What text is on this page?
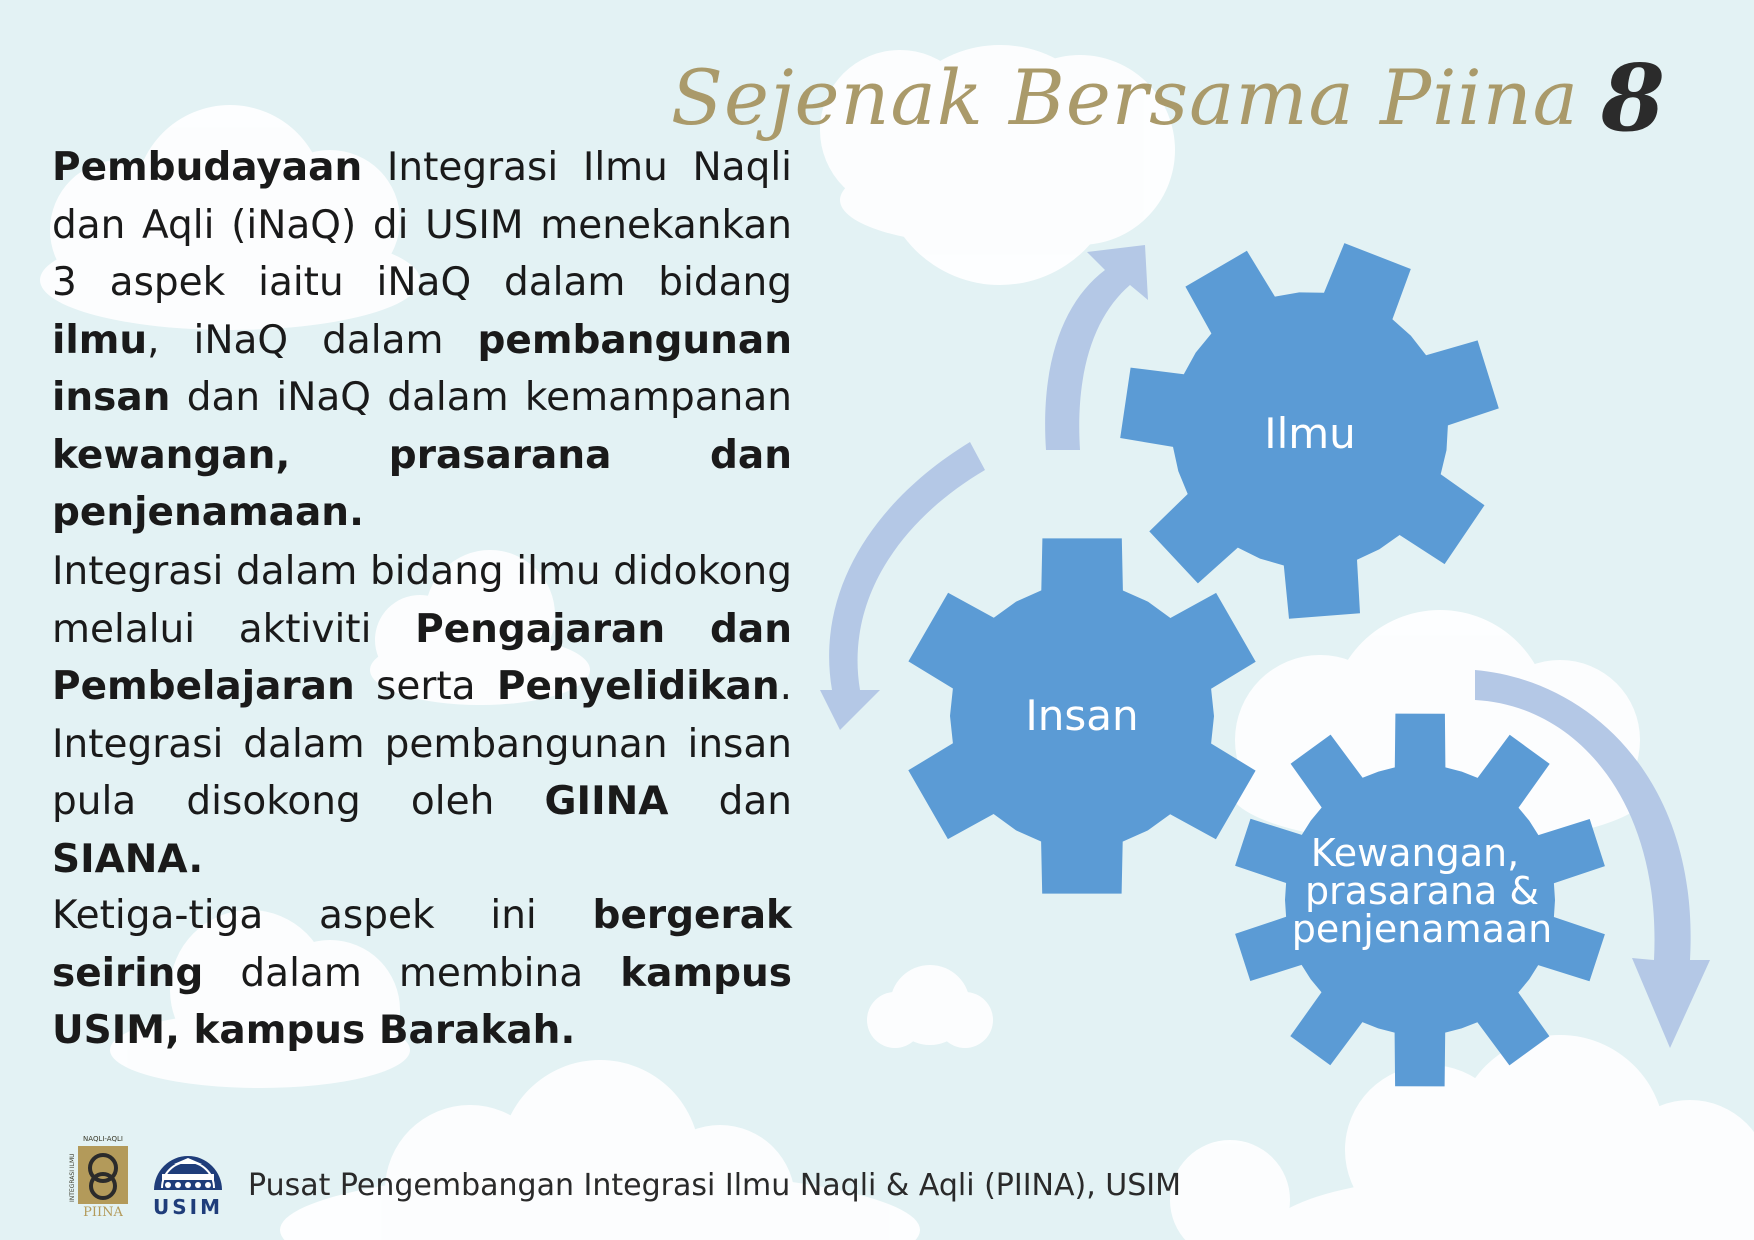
Sejenak Bersama Piina 8

Pembudayaan Integrasi Ilmu Naqli dan Aqli (iNaQ) di USIM menekankan 3 aspek iaitu iNaQ dalam bidang ilmu, iNaQ dalam pembangunan insan dan iNaQ dalam kemampanan kewangan, prasarana dan penjenamaan.

Integrasi dalam bidang ilmu didokong melalui aktiviti Pengajaran dan Pembelajaran serta Penyelidikan. Integrasi dalam pembangunan insan pula disokong oleh GIINA dan SIANA.

Ketiga-tiga aspek ini bergerak seiring dalam membina kampus USIM, kampus Barakah.

Ilmu
Insan
Kewangan,
prasarana &
penjenamaan
NAQLI-AQLI
INTEGRASI ILMU
PIINA USIM
Pusat Pengembangan Integrasi Ilmu Naqli & Aqli (PIINA), USIM
